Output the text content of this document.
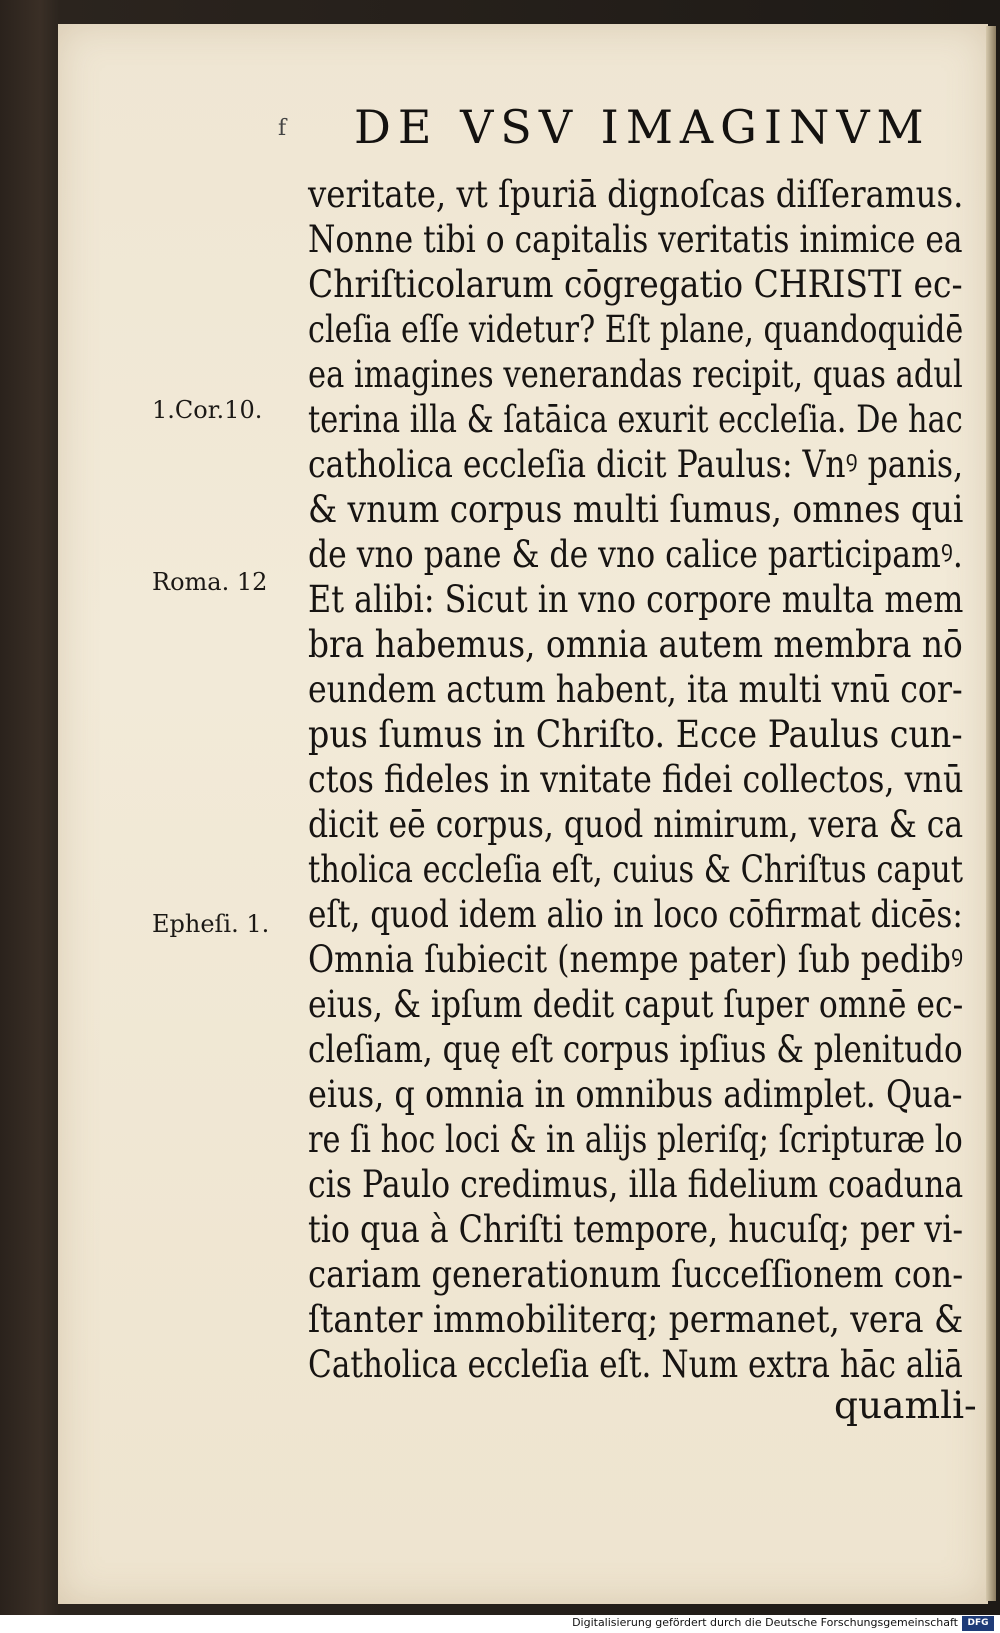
f DE VSV IMAGINVM
1.Cor.10.
Roma. 12
Epheſi. 1.
veritate, vt ſpuriā dignoſcas diſſeramus.
Nonne tibi o capitalis veritatis inimice ea
Chriſticolarum cōgregatio CHRISTI ec‑
cleſia eſſe videtur? Eſt plane, quandoquidē
ea imagines venerandas recipit, quas adul
terina illa & ſatāica exurit eccleſia. De hac
catholica eccleſia dicit Paulus: Vnꝰ panis,
& vnum corpus multi ſumus, omnes qui
de vno pane & de vno calice participamꝰ.
Et alibi: Sicut in vno corpore multa mem
bra habemus, omnia autem membra nō
eundem actum habent, ita multi vnū cor‑
pus ſumus in Chriſto. Ecce Paulus cun‑
ctos fideles in vnitate fidei collectos, vnū
dicit eē corpus, quod nimirum, vera & ca
tholica eccleſia eſt, cuius & Chriſtus caput
eſt, quod idem alio in loco cōfirmat dicēs:
Omnia ſubiecit (nempe pater) ſub pedibꝰ
eius, & ipſum dedit caput ſuper omnē ec‑
cleſiam, quę eſt corpus ipſius & plenitudo
eius, q omnia in omnibus adimplet. Qua‑
re ſi hoc loci & in alijs pleriſq; ſcripturæ lo
cis Paulo credimus, illa fidelium coaduna
tio qua à Chriſti tempore, hucuſq; per vi‑
cariam generationum ſucceſſionem con‑
ſtanter immobiliterq; permanet, vera &
Catholica eccleſia eſt. Num extra hāc aliā
quamli‑
Digitalisierung gefördert durch die Deutsche Forschungsgemeinschaft	DFG
